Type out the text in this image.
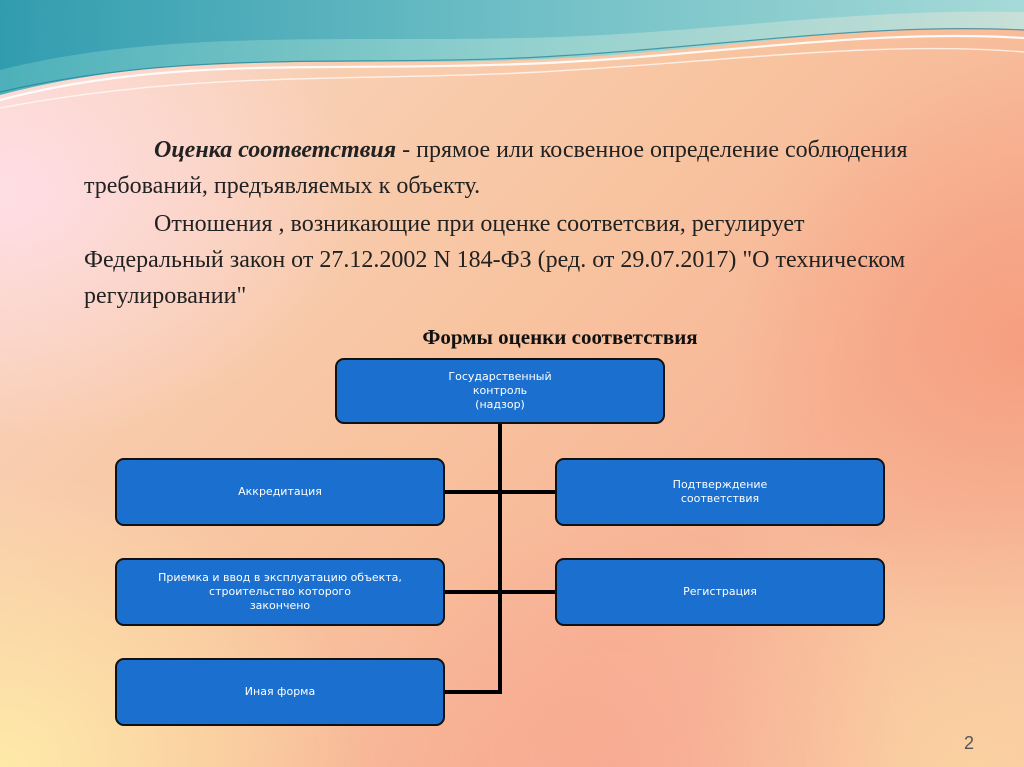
Оценка соответствия - прямое или косвенное определение соблюдения требований, предъявляемых к объекту.

Отношения , возникающие при оценке соответсвия, регулирует Федеральный закон от 27.12.2002 N 184-ФЗ (ред. от 29.07.2017) "О техническом регулировании"

Формы оценки соответствия
Государственный
контроль
(надзор)
Аккредитация
Подтверждение
соответствия
Приемка и ввод в эксплуатацию объекта,
строительство которого
закончено
Регистрация
Иная форма
2
